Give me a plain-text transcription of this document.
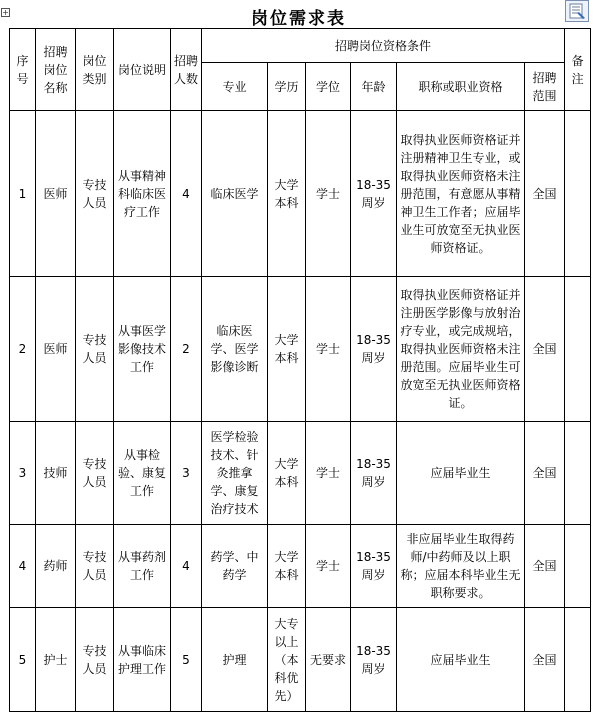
+	岗位需求表
序号	招聘岗位名称	岗位类别	岗位说明	招聘人数	招聘岗位资格条件						备注
					专业	学历	学位	年龄	职称或职业资格	招聘范围	
1	医师	专技人员	从事精神科临床医疗工作	4	临床医学	大学本科	学士	18-35周岁	取得执业医师资格证并注册精神卫生专业，或取得执业医师资格未注册范围，有意愿从事精神卫生工作者；应届毕业生可放宽至无执业医师资格证。	全国	
2	医师	专技人员	从事医学影像技术工作	2	临床医学、医学影像诊断	大学本科	学士	18-35周岁	取得执业医师资格证并注册医学影像与放射治疗专业，或完成规培，取得执业医师资格未注册范围。应届毕业生可放宽至无执业医师资格证。	全国	
3	技师	专技人员	从事检验、康复工作	3	医学检验技术、针灸推拿学、康复治疗技术	大学本科	学士	18-35周岁	应届毕业生	全国	
4	药师	专技人员	从事药剂工作	4	药学、中药学	大学本科	学士	18-35周岁	非应届毕业生取得药师/中药师及以上职称；应届本科毕业生无职称要求。	全国	
5	护士	专技人员	从事临床护理工作	5	护理	大专以上（本科优先）	无要求	18-35周岁	应届毕业生	全国	
